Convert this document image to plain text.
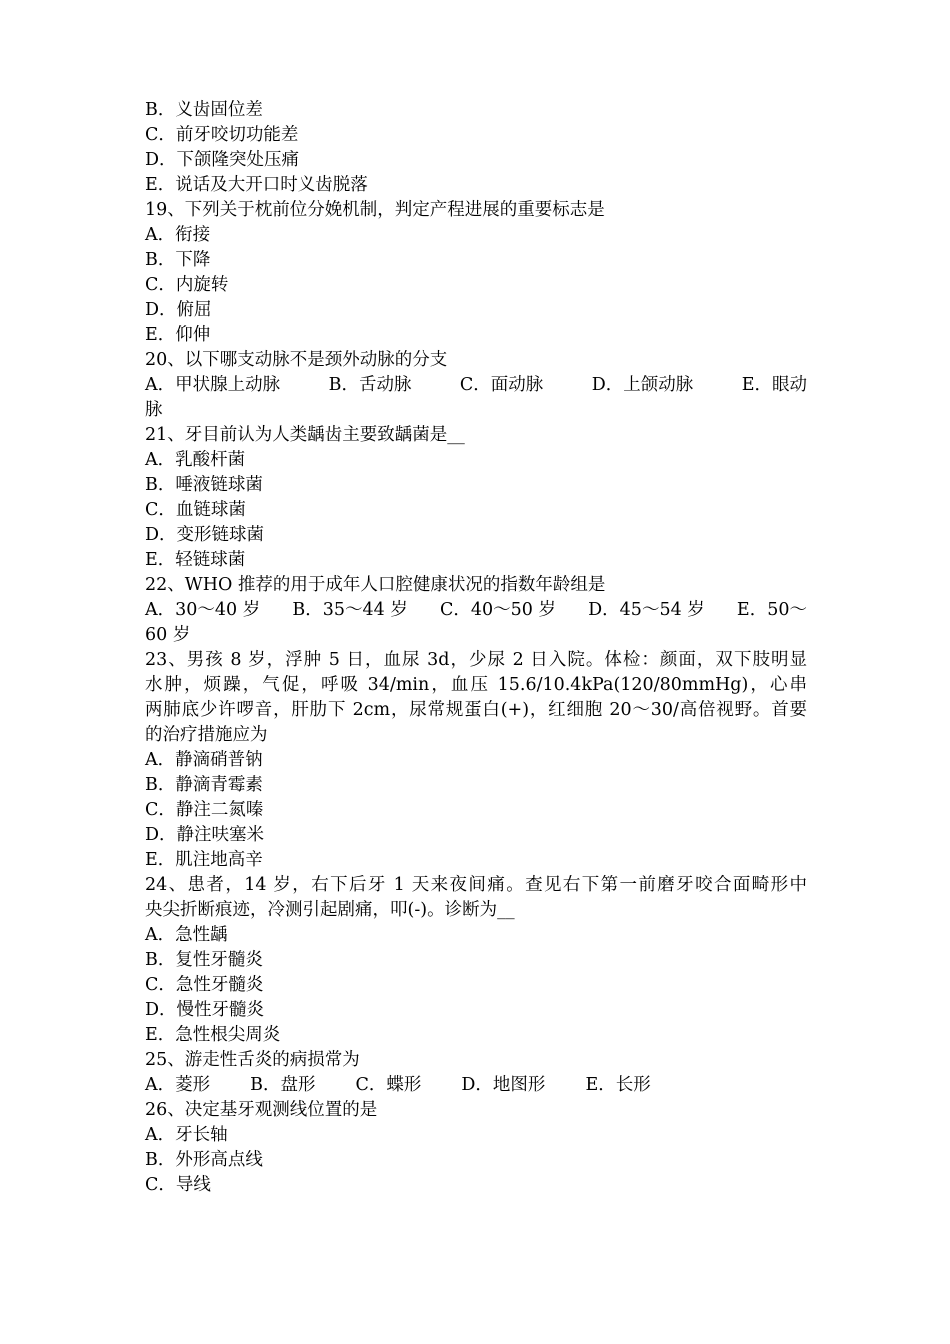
B．义齿固位差
C．前牙咬切功能差
D．下颌隆突处压痛
E．说话及大开口时义齿脱落
19、下列关于枕前位分娩机制，判定产程进展的重要标志是
A．衔接
B．下降
C．内旋转
D．俯屈
E．仰伸
20、以下哪支动脉不是颈外动脉的分支
A．甲状腺上动脉	B．舌动脉	C．面动脉	D．上颌动脉	E．眼动
脉
21、牙目前认为人类龋齿主要致龋菌是__
A．乳酸杆菌
B．唾液链球菌
C．血链球菌
D．变形链球菌
E．轻链球菌
22、WHO 推荐的用于成年人口腔健康状况的指数年龄组是
A．30～40 岁 B．35～44 岁 C．40～50 岁 D．45～54 岁 E．50～
60 岁
23、男孩 8 岁，浮肿 5 日，血尿 3d，少尿 2 日入院。体检：颜面，双下肢明显
水肿，烦躁，气促，呼吸 34/min，血压 15.6/10.4kPa(120/80mmHg)，心串
两肺底少许啰音，肝肋下 2cm，尿常规蛋白(+)，红细胞 20～30/高倍视野。首要
的治疗措施应为
A．静滴硝普钠
B．静滴青霉素
C．静注二氮嗪
D．静注呋塞米
E．肌注地高辛
24、患者，14 岁，右下后牙 1 天来夜间痛。查见右下第一前磨牙咬合面畸形中
央尖折断痕迹，冷测引起剧痛，叩(-)。诊断为__
A．急性龋
B．复性牙髓炎
C．急性牙髓炎
D．慢性牙髓炎
E．急性根尖周炎
25、游走性舌炎的病损常为
A．菱形 B．盘形 C．蝶形 D．地图形 E．长形
26、决定基牙观测线位置的是
A．牙长轴
B．外形高点线
C．导线
